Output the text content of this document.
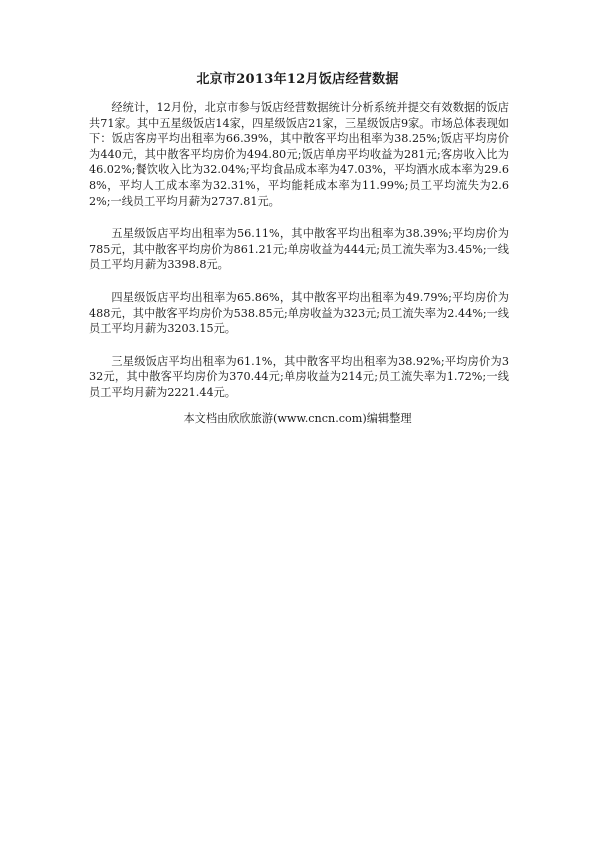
北京市2013年12月饭店经营数据

经统计，12月份，北京市参与饭店经营数据统计分析系统并提交有效数据的饭店共71家。其中五星级饭店14家，四星级饭店21家，三星级饭店9家。市场总体表现如下：饭店客房平均出租率为66.39%，其中散客平均出租率为38.25%;饭店平均房价为440元，其中散客平均房价为494.80元;饭店单房平均收益为281元;客房收入比为46.02%;餐饮收入比为32.04%;平均食品成本率为47.03%，平均酒水成本率为29.68%，平均人工成本率为32.31%，平均能耗成本率为11.99%;员工平均流失为2.62%;一线员工平均月薪为2737.81元。

五星级饭店平均出租率为56.11%，其中散客平均出租率为38.39%;平均房价为785元，其中散客平均房价为861.21元;单房收益为444元;员工流失率为3.45%;一线员工平均月薪为3398.8元。

四星级饭店平均出租率为65.86%，其中散客平均出租率为49.79%;平均房价为488元，其中散客平均房价为538.85元;单房收益为323元;员工流失率为2.44%;一线员工平均月薪为3203.15元。

三星级饭店平均出租率为61.1%，其中散客平均出租率为38.92%;平均房价为332元，其中散客平均房价为370.44元;单房收益为214元;员工流失率为1.72%;一线员工平均月薪为2221.44元。

本文档由欣欣旅游(www.cncn.com)编辑整理
